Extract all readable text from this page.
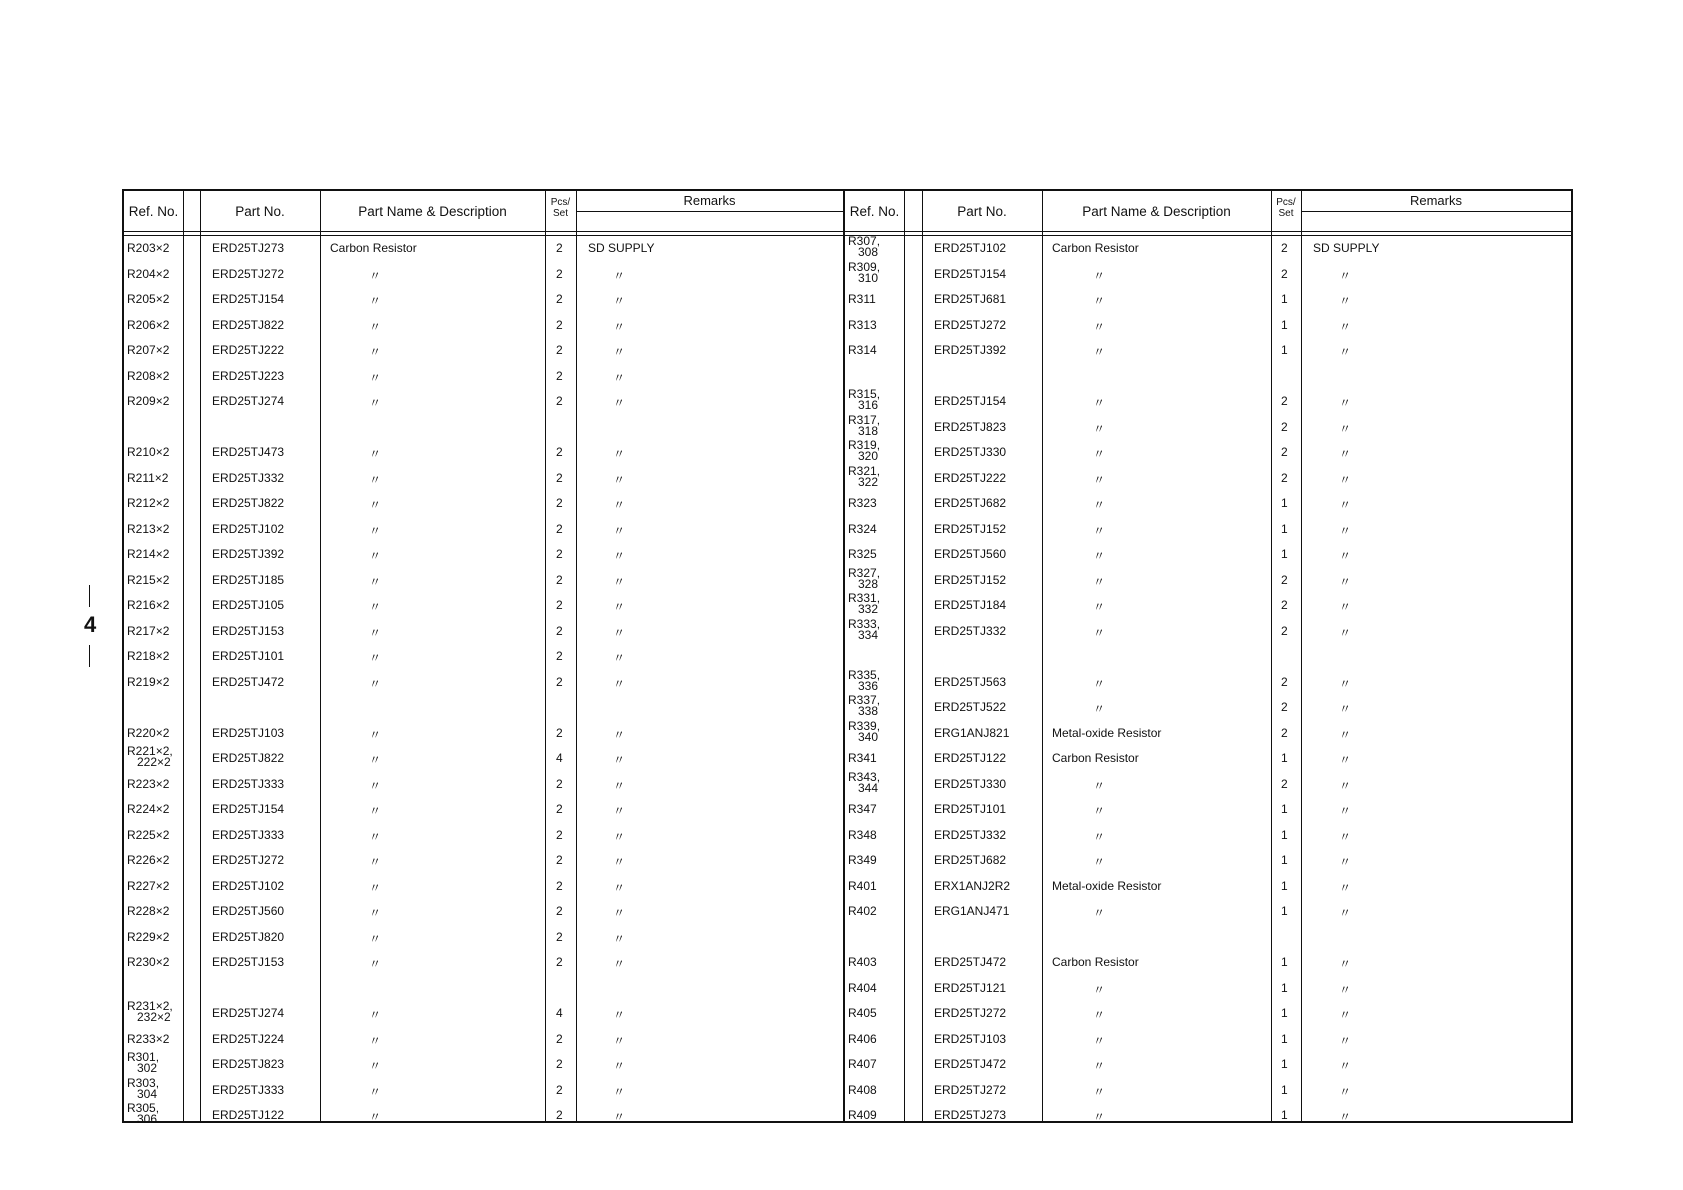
4
Ref. No.	Part No.	Part Name & Description
Pcs/
Set
Remarks
R203×2	ERD25TJ273	Carbon Resistor	2 SD SUPPLY
R204×2	ERD25TJ272	〃	2	〃
R205×2	ERD25TJ154	〃	2	〃
R206×2	ERD25TJ822	〃	2	〃
R207×2	ERD25TJ222	〃	2	〃
R208×2	ERD25TJ223	〃	2	〃
R209×2	ERD25TJ274	〃	2	〃
R210×2	ERD25TJ473	〃	2	〃
R211×2	ERD25TJ332	〃	2	〃
R212×2	ERD25TJ822	〃	2	〃
R213×2	ERD25TJ102	〃	2	〃
R214×2	ERD25TJ392	〃	2	〃
R215×2	ERD25TJ185	〃	2	〃
R216×2	ERD25TJ105	〃	2	〃
R217×2	ERD25TJ153	〃	2	〃
R218×2	ERD25TJ101	〃	2	〃
R219×2	ERD25TJ472	〃	2	〃
R220×2	ERD25TJ103	〃	2	〃
R221×2,
222×2	ERD25TJ822	〃	4	〃
R223×2	ERD25TJ333	〃	2	〃
R224×2	ERD25TJ154	〃	2	〃
R225×2	ERD25TJ333	〃	2	〃
R226×2	ERD25TJ272	〃	2	〃
R227×2	ERD25TJ102	〃	2	〃
R228×2	ERD25TJ560	〃	2	〃
R229×2	ERD25TJ820	〃	2	〃
R230×2	ERD25TJ153	〃	2	〃
R231×2,
232×2	ERD25TJ274	〃	4	〃
R233×2	ERD25TJ224	〃	2	〃
R301,
302	ERD25TJ823	〃	2	〃
R303,
304	ERD25TJ333	〃	2	〃
R305,
306	ERD25TJ122	〃	2	〃
Ref. No.	Part No.	Part Name & Description
Pcs/
Set
Remarks
R307,
308	ERD25TJ102	Carbon Resistor	2 SD SUPPLY
R309,
310	ERD25TJ154	〃	2	〃
R311	ERD25TJ681	〃	1	〃
R313	ERD25TJ272	〃	1	〃
R314	ERD25TJ392	〃	1	〃
R315,
316	ERD25TJ154	〃	2	〃
R317,
318	ERD25TJ823	〃	2	〃
R319,
320	ERD25TJ330	〃	2	〃
R321,
322	ERD25TJ222	〃	2	〃
R323	ERD25TJ682	〃	1	〃
R324	ERD25TJ152	〃	1	〃
R325	ERD25TJ560	〃	1	〃
R327,
328	ERD25TJ152	〃	2	〃
R331,
332	ERD25TJ184	〃	2	〃
R333,
334	ERD25TJ332	〃	2	〃
R335,
336	ERD25TJ563	〃	2	〃
R337,
338	ERD25TJ522	〃	2	〃
R339,
340	ERG1ANJ821	Metal-oxide Resistor	2	〃
R341	ERD25TJ122	Carbon Resistor	1	〃
R343,
344	ERD25TJ330	〃	2	〃
R347	ERD25TJ101	〃	1	〃
R348	ERD25TJ332	〃	1	〃
R349	ERD25TJ682	〃	1	〃
R401	ERX1ANJ2R2	Metal-oxide Resistor	1	〃
R402	ERG1ANJ471	〃	1	〃
R403	ERD25TJ472	Carbon Resistor	1	〃
R404	ERD25TJ121	〃	1	〃
R405	ERD25TJ272	〃	1	〃
R406	ERD25TJ103	〃	1	〃
R407	ERD25TJ472	〃	1	〃
R408	ERD25TJ272	〃	1	〃
R409	ERD25TJ273	〃	1	〃
